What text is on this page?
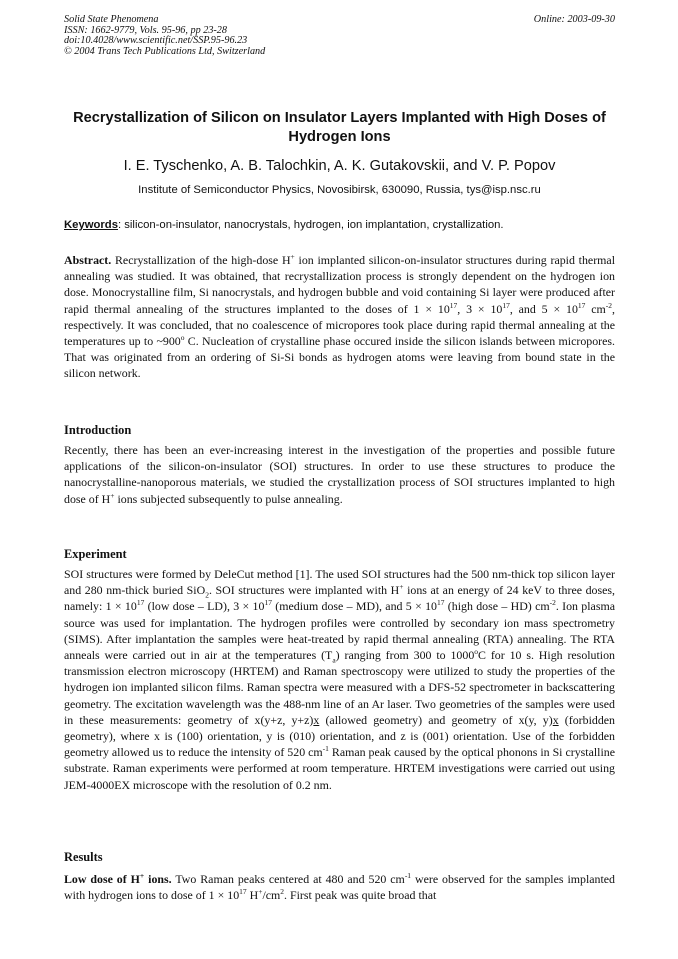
Solid State Phenomena
ISSN: 1662-9779, Vols. 95-96, pp 23-28
doi:10.4028/www.scientific.net/SSP.95-96.23
© 2004 Trans Tech Publications Ltd, Switzerland
Online: 2003-09-30
Recrystallization of Silicon on Insulator Layers Implanted with High Doses of Hydrogen Ions
I. E. Tyschenko, A. B. Talochkin, A. K. Gutakovskii, and V. P. Popov
Institute of Semiconductor Physics, Novosibirsk, 630090, Russia, tys@isp.nsc.ru
Keywords: silicon-on-insulator, nanocrystals, hydrogen, ion implantation, crystallization.

Abstract. Recrystallization of the high-dose H+ ion implanted silicon-on-insulator structures during rapid thermal annealing was studied. It was obtained, that recrystallization process is strongly dependent on the hydrogen ion dose. Monocrystalline film, Si nanocrystals, and hydrogen bubble and void containing Si layer were produced after rapid thermal annealing of the structures implanted to the doses of $1 \times 10^{17}$, $3 \times 10^{17}$, and $5 \times 10^{17}$ $cm^{-2}$, respectively. It was concluded, that no coalescence of micropores took place during rapid thermal annealing at the temperatures up to ~900$^o$ C. Nucleation of crystalline phase occured inside the silicon islands between micropores. That was originated from an ordering of Si-Si bonds as hydrogen atoms were leaving from bound state in the silicon network.

Introduction

Recently, there has been an ever-increasing interest in the investigation of the properties and possible future applications of the silicon-on-insulator (SOI) structures. In order to use these structures to produce the nanocrystalline-nanoporous materials, we studied the crystallization process of SOI structures implanted to high dose of H+ ions subjected subsequently to pulse annealing.

Experiment

SOI structures were formed by DeleCut method [1]. The used SOI structures had the 500 nm-thick top silicon layer and 280 nm-thick buried SiO$_2$. SOI structures were implanted with H+ ions at an energy of 24 keV to three doses, namely: $1 \times 10^{17}$ (low dose – LD), $3 \times 10^{17}$ (medium dose – MD), and $5 \times 10^{17}$ (high dose – HD) $cm^{-2}$. Ion plasma source was used for implantation. The hydrogen profiles were controlled by secondary ion mass spectrometry (SIMS). After implantation the samples were heat-treated by rapid thermal annealing (RTA) annealing. The RTA anneals were carried out in air at the temperatures $(T_a)$ ranging from 300 to 1000$^o$C for 10 s. High resolution transmission electron microscopy (HRTEM) and Raman spectroscopy were utilized to study the properties of the hydrogen ion implanted silicon films. Raman spectra were measured with a DFS-52 spectrometer in backscattering geometry. The excitation wavelength was the 488-nm line of an Ar laser. Two geometries of the samples were used in these measurements: geometry of x(y+z, y+z)x (allowed geometry) and geometry of x(y, y)x (forbidden geometry), where x is (100) orientation, y is (010) orientation, and z is (001) orientation. Use of the forbidden geometry allowed us to reduce the intensity of 520 $cm^{-1}$ Raman peak caused by the optical phonons in Si crystalline substrate. Raman experiments were performed at room temperature. HRTEM investigations were carried out using JEM-4000EX microscope with the resolution of 0.2 nm.

Results

Low dose of H+ ions. Two Raman peaks centered at 480 and 520 $cm^{-1}$ were observed for the samples implanted with hydrogen ions to dose of $1 \times 10^{17}$ $H^+/cm^2$. First peak was quite broad that
